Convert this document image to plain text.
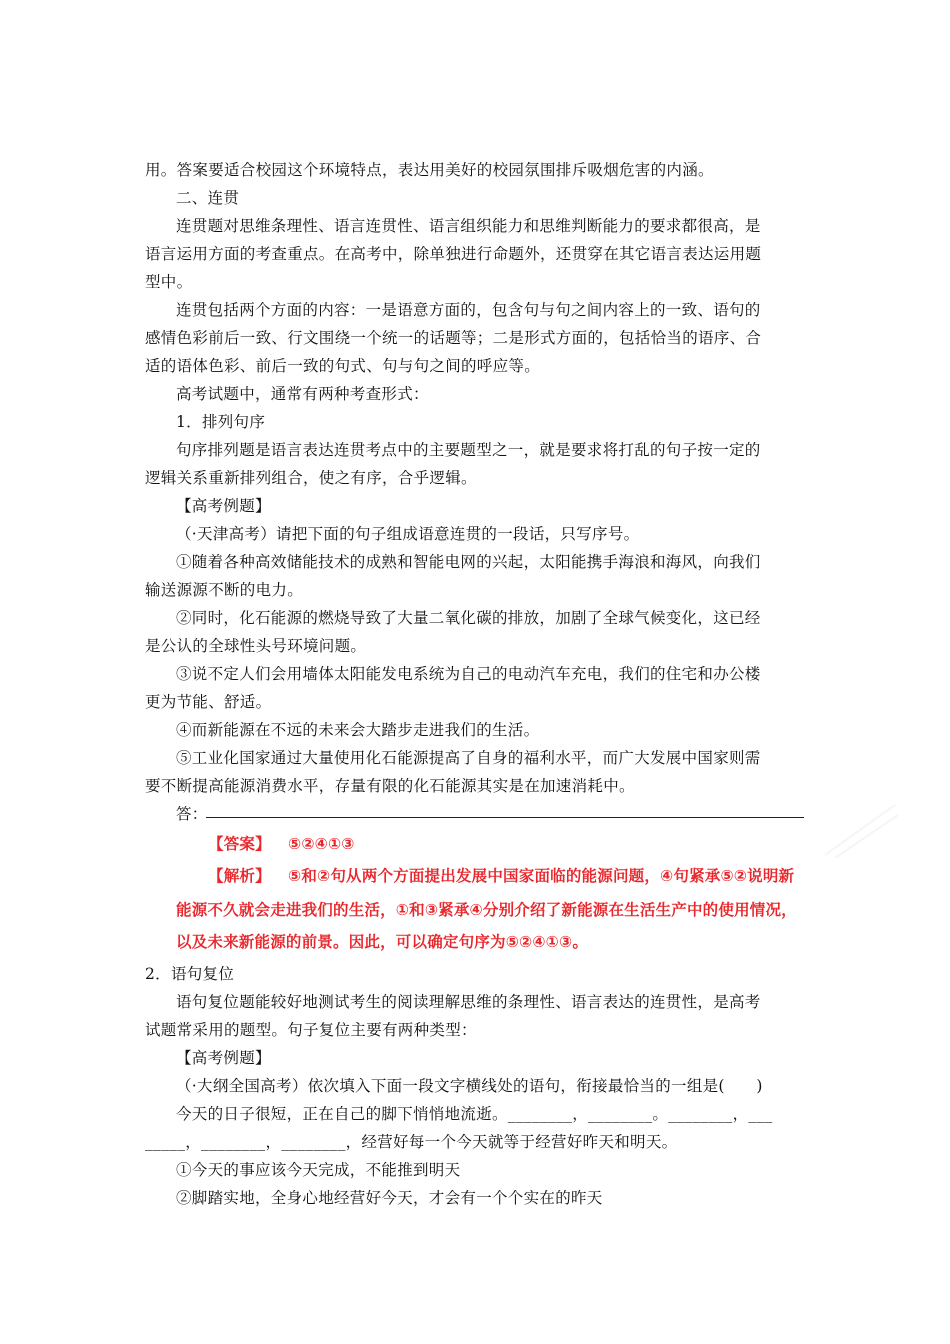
用。答案要适合校园这个环境特点，表达用美好的校园氛围排斥吸烟危害的内涵。
二、连贯
连贯题对思维条理性、语言连贯性、语言组织能力和思维判断能力的要求都很高，是
语言运用方面的考查重点。在高考中，除单独进行命题外，还贯穿在其它语言表达运用题
型中。
连贯包括两个方面的内容：一是语意方面的，包含句与句之间内容上的一致、语句的
感情色彩前后一致、行文围绕一个统一的话题等；二是形式方面的，包括恰当的语序、合
适的语体色彩、前后一致的句式、句与句之间的呼应等。
高考试题中，通常有两种考查形式：
1．排列句序
句序排列题是语言表达连贯考点中的主要题型之一，就是要求将打乱的句子按一定的
逻辑关系重新排列组合，使之有序，合乎逻辑。
【高考例题】
（·天津高考）请把下面的句子组成语意连贯的一段话，只写序号。
①随着各种高效储能技术的成熟和智能电网的兴起，太阳能携手海浪和海风，向我们
输送源源不断的电力。
②同时，化石能源的燃烧导致了大量二氧化碳的排放，加剧了全球气候变化，这已经
是公认的全球性头号环境问题。
③说不定人们会用墙体太阳能发电系统为自己的电动汽车充电，我们的住宅和办公楼
更为节能、舒适。
④而新能源在不远的未来会大踏步走进我们的生活。
⑤工业化国家通过大量使用化石能源提高了自身的福利水平，而广大发展中国家则需
要不断提高能源消费水平，存量有限的化石能源其实是在加速消耗中。
答：
【答案】 ⑤②④①③
【解析】 ⑤和②句从两个方面提出发展中国家面临的能源问题，④句紧承⑤②说明新
能源不久就会走进我们的生活，①和③紧承④分别介绍了新能源在生活生产中的使用情况，
以及未来新能源的前景。因此，可以确定句序为⑤②④①③。
2．语句复位
语句复位题能较好地测试考生的阅读理解思维的条理性、语言表达的连贯性，是高考
试题常采用的题型。句子复位主要有两种类型：
【高考例题】
（·大纲全国高考）依次填入下面一段文字横线处的语句，衔接最恰当的一组是(　　)
今天的日子很短，正在自己的脚下悄悄地流逝。________，________。________，___
_____，________，________，经营好每一个今天就等于经营好昨天和明天。
①今天的事应该今天完成，不能推到明天
②脚踏实地，全身心地经营好今天，才会有一个个实在的昨天
